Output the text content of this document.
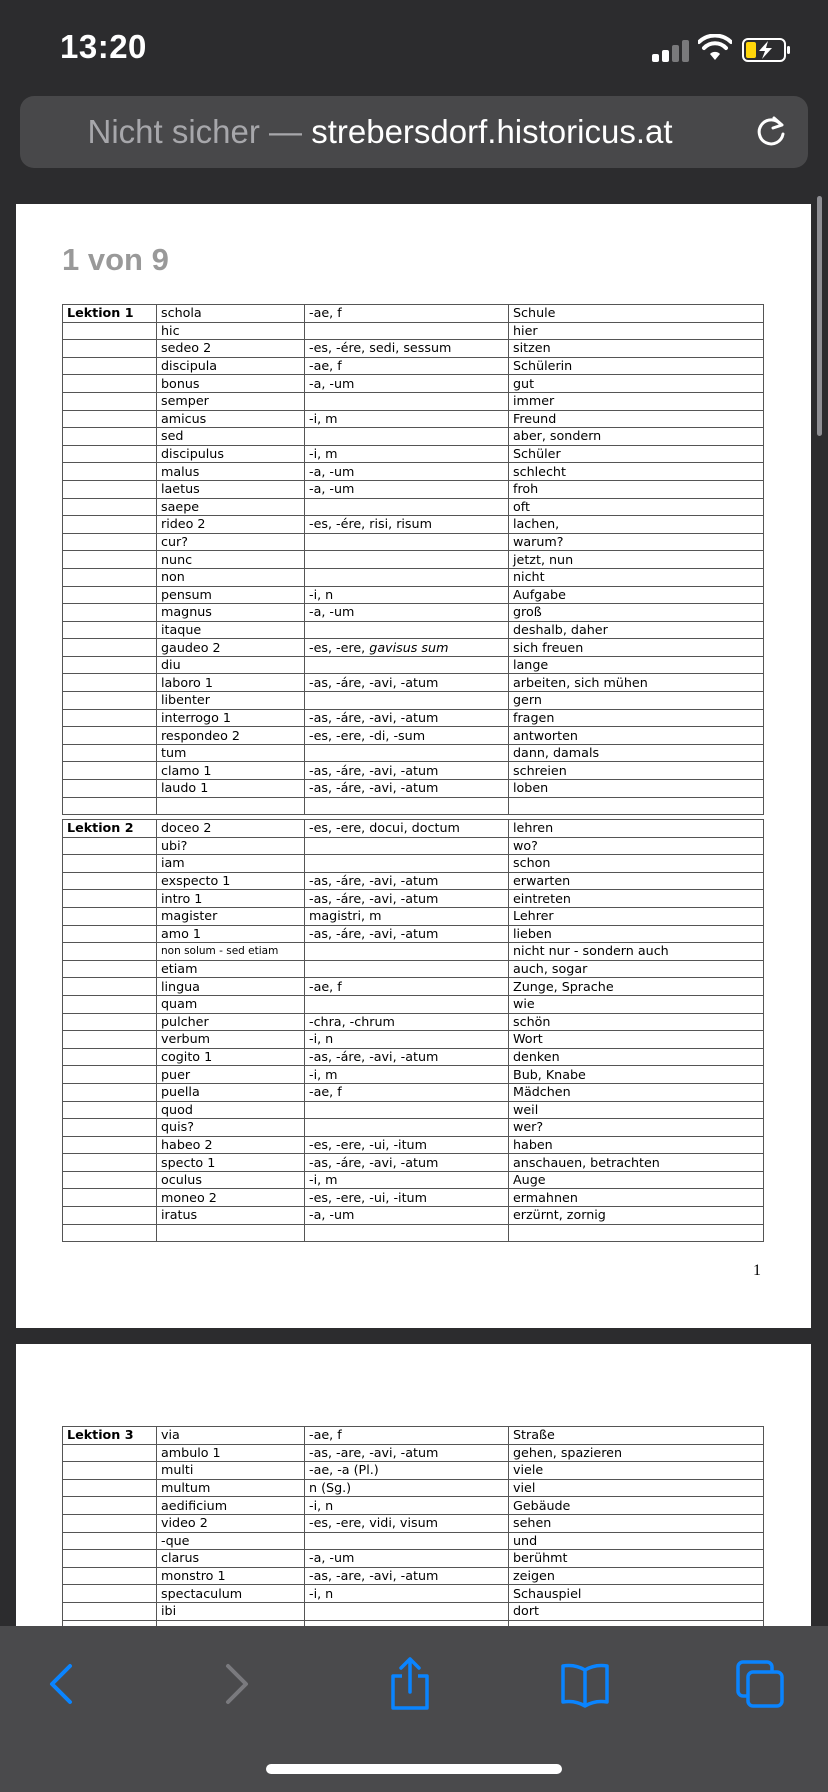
13:20
Nicht sicher — strebersdorf.historicus.at
1 von 9
Lektion 1	schola	-ae, f	Schule
	hic		hier
	sedeo 2	-es, -ére, sedi, sessum	sitzen
	discipula	-ae, f	Schülerin
	bonus	-a, -um	gut
	semper		immer
	amicus	-i, m	Freund
	sed		aber, sondern
	discipulus	-i, m	Schüler
	malus	-a, -um	schlecht
	laetus	-a, -um	froh
	saepe		oft
	rideo 2	-es, -ére, risi, risum	lachen,
	cur?		warum?
	nunc		jetzt, nun
	non		nicht
	pensum	-i, n	Aufgabe
	magnus	-a, -um	groß
	itaque		deshalb, daher
	gaudeo 2	-es, -ere, gavisus sum	sich freuen
	diu		lange
	laboro 1	-as, -áre, -avi, -atum	arbeiten, sich mühen
	libenter		gern
	interrogo 1	-as, -áre, -avi, -atum	fragen
	respondeo 2	-es, -ere, -di, -sum	antworten
	tum		dann, damals
	clamo 1	-as, -áre, -avi, -atum	schreien
	laudo 1	-as, -áre, -avi, -atum	loben

Lektion 2	doceo 2	-es, -ere, docui, doctum	lehren
	ubi?		wo?
	iam		schon
	exspecto 1	-as, -áre, -avi, -atum	erwarten
	intro 1	-as, -áre, -avi, -atum	eintreten
	magister	magistri, m	Lehrer
	amo 1	-as, -áre, -avi, -atum	lieben
	non solum - sed etiam		nicht nur - sondern auch
	etiam		auch, sogar
	lingua	-ae, f	Zunge, Sprache
	quam		wie
	pulcher	-chra, -chrum	schön
	verbum	-i, n	Wort
	cogito 1	-as, -áre, -avi, -atum	denken
	puer	-i, m	Bub, Knabe
	puella	-ae, f	Mädchen
	quod		weil
	quis?		wer?
	habeo 2	-es, -ere, -ui, -itum	haben
	specto 1	-as, -áre, -avi, -atum	anschauen, betrachten
	oculus	-i, m	Auge
	moneo 2	-es, -ere, -ui, -itum	ermahnen
	iratus	-a, -um	erzürnt, zornig

1
Lektion 3	via	-ae, f	Straße
	ambulo 1	-as, -are, -avi, -atum	gehen, spazieren
	multi	-ae, -a (Pl.)	viele
	multum	n (Sg.)	viel
	aedificium	-i, n	Gebäude
	video 2	-es, -ere, vidi, visum	sehen
	-que		und
	clarus	-a, -um	berühmt
	monstro 1	-as, -are, -avi, -atum	zeigen
	spectaculum	-i, n	Schauspiel
	ibi		dort
